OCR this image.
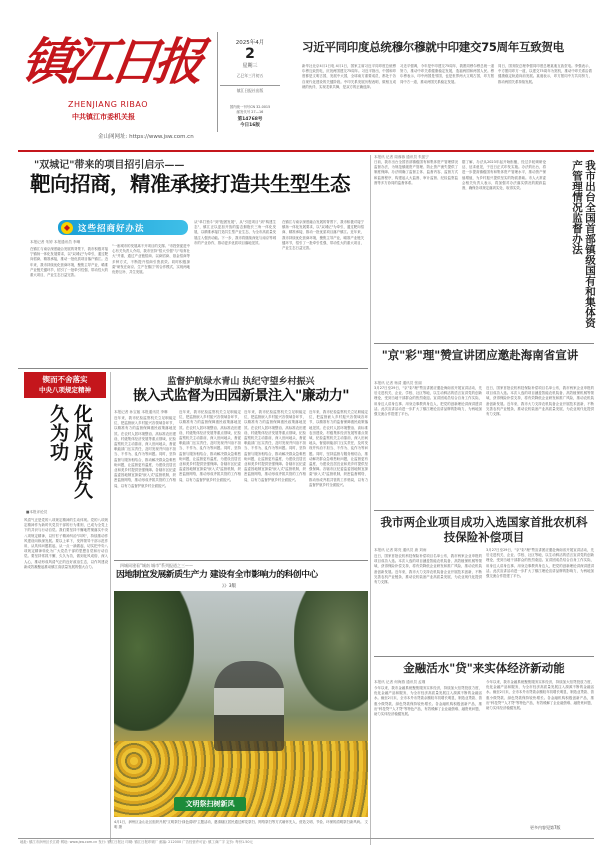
镇江日报
ZHENJIANG RIBAO
中共镇江市委机关报
金山网网址: https://www.jsw.com.cn
2025年4月
2
星期三
乙巳年三月初五
镇江日报社出版
国内统一刊号CN 32-0015
邮发代号 27—16
第14768号
今日16版
习近平同印度总统穆尔穆就中印建交75周年互致贺电
新华社北京4月1日电 4月1日，国家主席习近平同印度总统穆尔穆互致贺电，庆祝两国建交75周年。习近平指出，中国和印度都是文明古国，发展中大国，全球南方重要成员，都处于各自现代化建设的关键阶段。中印关系发展历程表明，做相互成就的伙伴，实现龙象共舞，是双方的正确选择。
习近平强调，今年是中印建交75周年，我愿同穆尔穆总统一道努力，推动中印关系健康稳定发展，造福两国和两国人民。穆尔穆表示，印中两国是邻国，也是世界两大文明古国，印方愿同中方一道，推动两国关系稳定发展。
同日，国务院总理李强同印度总理莫迪互致贺电。李强表示，中方愿同印方一道，以建交75周年为契机，推动中印关系沿着健康稳定轨道向前发展。莫迪表示，印方愿同中方共同努力，推动两国关系持续发展。
"双城记"带来的项目招引启示——
靶向招商，精准承接打造共生型生态
◆ 这些招商好办法
本报记者 朱婷 本报通讯员 李琳
在镇江与南京深度融合发展的背景下，我市积极对接宁镇扬一体化发展要求，以"双城记"为牵引，通过靶向招商、精准承接，推动一批优质项目落户镇江。近年来，我市持续优化营商环境，聚焦主导产业，瞄准产业链关键环节，招引了一批牵引性强、带动性大的重大项目，产业生态日益完善。
"一座城市的发展离不开项目的支撑。"市投资促进中心有关负责人介绍，我市坚持"招大引强"与"培育壮大"并重，通过产业链招商、以商招商、基金招商等多种方式，不断提升招商引资质效。同时积极探索"研发在南京、生产在镇江"的合作模式，实现两地优势互补、共生发展。
从"单打独斗"到"抱团发展"，从"引进项目"到"构建生态"，镇江正以更加开放的姿态拥抱长三角一体化发展，以精准承接打造共生型产业生态，为全市高质量发展注入强劲动能。下一步，我市将继续深化与南京等城市的产业协作，推动更多优质项目落地见效。
在镇江与南京深度融合发展的背景下，我市积极对接宁镇扬一体化发展要求，以"双城记"为牵引，通过靶向招商、精准承接，推动一批优质项目落户镇江。近年来，我市持续优化营商环境，聚焦主导产业，瞄准产业链关键环节，招引了一批牵引性强、带动性大的重大项目，产业生态日益完善。
日前，我市出台全国首部镇级国有和集体资产管理情况监督办法，为规范镇级资产管理、防止资产流失提供了制度保障。办法明确了监督主体、监督内容、监督方式和监督程序，构建起人大监督、审计监督、纪检监察监督等多方协同的监督体系。
据了解，办法从2023年起开始酝酿，经过多轮调研论证、征求意见，于近日正式印发实施。办法的出台，将进一步提高镇级国有和集体资产管理水平，推动资产保值增值，为乡村振兴提供坚实的物质基础。市人大常委会相关负责人表示，将加强对办法落实情况的跟踪监督，确保各项规定落到实处、取得实效。
本报讯 记者 周蓉蓉 通讯员 朱振宁
我市出台全国首部镇级国有和集体资产管理情况监督办法
"京"彩"理"赞宣讲团应邀赴海南省宣讲
3月27日至29日，"京"彩"理"赞宣讲团应邀赴海南省开展宣讲活动，先后走进机关、企业、学校、社区等地，以生动鲜活的语言宣讲党的创新理论，受到当地干部群众的热烈欢迎。宣讲团成员结合自身工作实际，用身边人讲身边事、用身边事教育身边人，把党的创新理论讲深讲透讲活。此次宣讲活动进一步扩大了镇江理论宣讲品牌的影响力，为两地加强交流合作搭建了平台。
近日，国家首批农机科技保险补偿项目名单公布，我市两家企业申报的项目成功入选。本次入选的项目涵盖智能农机装备、高效植保机械等领域，获得保险补偿支持，将有效降低企业研发和推广风险，推动农机装备创新发展。近年来，我市大力支持农机装备企业开展技术创新，不断完善农机产业链条，推动农机装备产业高质量发展，为农业现代化提供有力支撑。
本报讯 记者 杨清 通讯员 张丽
我市两企业项目成功入选国家首批农机科技保险补偿项目
本报讯 记者 陈亮 通讯员 唐 刘雨
近日，国家首批农机科技保险补偿项目名单公布，我市两家企业申报的项目成功入选。本次入选的项目涵盖智能农机装备、高效植保机械等领域，获得保险补偿支持，将有效降低企业研发和推广风险，推动农机装备创新发展。近年来，我市大力支持农机装备企业开展技术创新，不断完善农机产业链条，推动农机装备产业高质量发展，为农业现代化提供有力支撑。
3月27日至29日，"京"彩"理"赞宣讲团应邀赴海南省开展宣讲活动，先后走进机关、企业、学校、社区等地，以生动鲜活的语言宣讲党的创新理论，受到当地干部群众的热烈欢迎。宣讲团成员结合自身工作实际，用身边人讲身边事、用身边事教育身边人，把党的创新理论讲深讲透讲活。此次宣讲活动进一步扩大了镇江理论宣讲品牌的影响力，为两地加强交流合作搭建了平台。
金融活水"贷"来实体经济新动能
本报讯 记者 何海燕 通讯员 孟瑾
今年以来，我市金融系统聚焦服务实体经济，持续加大信贷投放力度，优化金融产品和服务，为全市经济高质量发展注入源源不断的金融活水。截至2月末，全市本外币贷款余额较年初增长明显，制造业贷款、普惠小微贷款、绿色贷款保持较快增长。各金融机构积极创新产品，推出"科技贷""人才贷"等特色产品，有效缓解了企业融资难、融资贵问题，助力实体经济稳健发展。
今年以来，我市金融系统聚焦服务实体经济，持续加大信贷投放力度，优化金融产品和服务，为全市经济高质量发展注入源源不断的金融活水。截至2月末，全市本外币贷款余额较年初增长明显，制造业贷款、普惠小微贷款、绿色贷款保持较快增长。各金融机构积极创新产品，推出"科技贷""人才贷"等特色产品，有效缓解了企业融资难、融资贵问题，助力实体经济稳健发展。
更多内容见第7版
锲而不舍落实
中央八项规定精神
化风成俗久久为功
■本报评论员
风清气正是党的八项规定精神的生动体现。党的八项规定精神作为新时代党员干部的行为准则，已成为全党上下的共识与行动自觉。我们要坚持不懈地贯彻落实中央八项规定精神，以钉钉子精神纠治"四风"，持续推动作风建设向纵深发展。要以上率下，发挥领导干部示范作用，从具体问题抓起，从一点一滴做起，切实把中央八项规定精神转化为广大党员干部的思想自觉和行动自觉。要坚持常抓不懈，久久为功，做到化风成俗、深入人心，推动形成风清气正的良好政治生态，以作风建设新成效凝聚起推动镇江高质量发展的强大合力。
监督护航绿水青山 执纪守望乡村振兴
嵌入式监督为田园新景注入"廉动力"
本报记者 孙宝姬 本报通讯员 李琳
近年来，我市纪检监察机关立足职能定位，把监督嵌入乡村振兴各领域各环节，以精准有力的监督保障惠民政策落地见效。在农村人居环境整治、高标准农田建设、村级集体经济发展等重点领域，纪检监察机关主动靠前，深入田间地头，督促职能部门压实责任，及时发现并纠治不担当、不作为、乱作为等问题。同时，坚持监督与服务相结合，推动解决群众急难愁盼问题，让监督更有温度，为建设宜居宜业和美乡村提供坚强保障。各辖市区纪委监委因地制宜探索"嵌入式"监督机制，织密监督网络，推动形成齐抓共管的工作格局，以有力监督护航乡村全面振兴。
近年来，我市纪检监察机关立足职能定位，把监督嵌入乡村振兴各领域各环节，以精准有力的监督保障惠民政策落地见效。在农村人居环境整治、高标准农田建设、村级集体经济发展等重点领域，纪检监察机关主动靠前，深入田间地头，督促职能部门压实责任，及时发现并纠治不担当、不作为、乱作为等问题。同时，坚持监督与服务相结合，推动解决群众急难愁盼问题，让监督更有温度，为建设宜居宜业和美乡村提供坚强保障。各辖市区纪委监委因地制宜探索"嵌入式"监督机制，织密监督网络，推动形成齐抓共管的工作格局，以有力监督护航乡村全面振兴。
近年来，我市纪检监察机关立足职能定位，把监督嵌入乡村振兴各领域各环节，以精准有力的监督保障惠民政策落地见效。在农村人居环境整治、高标准农田建设、村级集体经济发展等重点领域，纪检监察机关主动靠前，深入田间地头，督促职能部门压实责任，及时发现并纠治不担当、不作为、乱作为等问题。同时，坚持监督与服务相结合，推动解决群众急难愁盼问题，让监督更有温度，为建设宜居宜业和美乡村提供坚强保障。各辖市区纪委监委因地制宜探索"嵌入式"监督机制，织密监督网络，推动形成齐抓共管的工作格局，以有力监督护航乡村全面振兴。
近年来，我市纪检监察机关立足职能定位，把监督嵌入乡村振兴各领域各环节，以精准有力的监督保障惠民政策落地见效。在农村人居环境整治、高标准农田建设、村级集体经济发展等重点领域，纪检监察机关主动靠前，深入田间地头，督促职能部门压实责任，及时发现并纠治不担当、不作为、乱作为等问题。同时，坚持监督与服务相结合，推动解决群众急难愁盼问题，让监督更有温度，为建设宜居宜业和美乡村提供坚强保障。各辖市区纪委监委因地制宜探索"嵌入式"监督机制，织密监督网络，推动形成齐抓共管的工作格局，以有力监督护航乡村全面振兴。
四城同建看"城南 城市"系列报道之三——
因地制宜发展新质生产力 建设有全市影响力的科创中心
》》3版
文明祭扫树新风
4月1日，润州区金山社区组织开展"文明祭扫·绿色清明"主题活动，邀请辖区居民通过鲜花祭扫、网络祭扫等方式缅怀先人，营造文明、节俭、环保的清明祭扫新风尚。 文明 摄
地址: 镇江市润州区长江路 网址: www.jsw.com.cn 发行: 镇江日报社 印刷: 镇江日报印刷厂 邮编: 212000 广告经营许可证: 镇工商广字 定价: 每份1.50元
